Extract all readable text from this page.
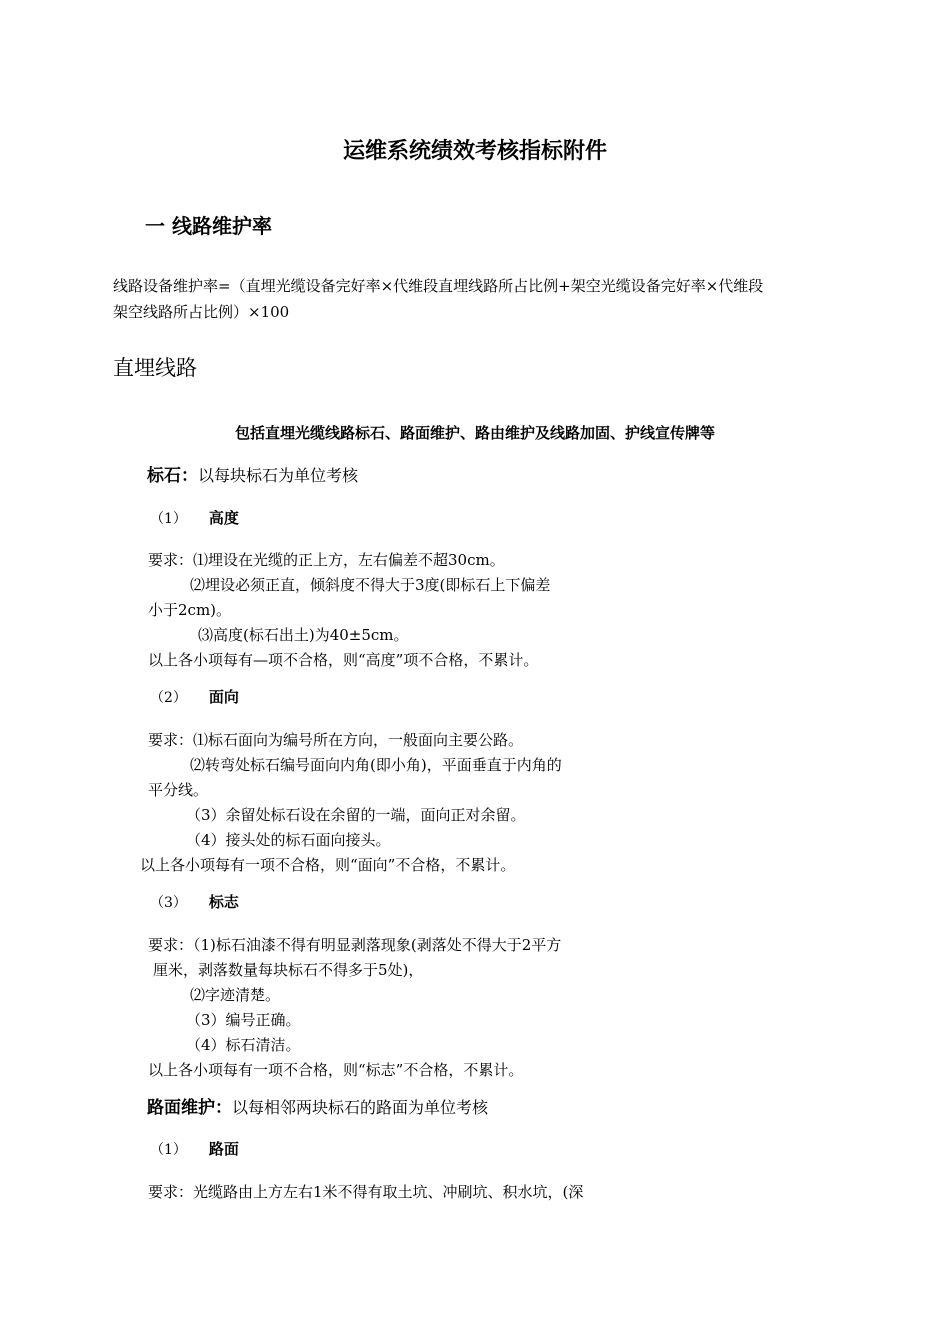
运维系统绩效考核指标附件
一 线路维护率
线路设备维护率=（直埋光缆设备完好率×代维段直埋线路所占比例+架空光缆设备完好率×代维段
架空线路所占比例）×100
直埋线路
包括直埋光缆线路标石、路面维护、路由维护及线路加固、护线宣传牌等
标石：以每块标石为单位考核
（1） 高度
要求：⑴埋设在光缆的正上方，左右偏差不超30cm。
⑵埋设必须正直，倾斜度不得大于3度(即标石上下偏差
小于2cm)。
⑶高度(标石出土)为40±5cm。
以上各小项每有—项不合格，则“高度”项不合格，不累计。
（2） 面向
要求：⑴标石面向为编号所在方向，一般面向主要公路。
⑵转弯处标石编号面向内角(即小角)，平面垂直于内角的
平分线。
（3）余留处标石设在余留的一端，面向正对余留。
（4）接头处的标石面向接头。
以上各小项每有一项不合格，则“面向”不合格，不累计。
（3） 标志
要求：（1)标石油漆不得有明显剥落现象(剥落处不得大于2平方
厘米，剥落数量每块标石不得多于5处)，
⑵字迹清楚。
（3）编号正确。
（4）标石清洁。
以上各小项每有一项不合格，则“标志”不合格，不累计。
路面维护：以每相邻两块标石的路面为单位考核
（1） 路面
要求：光缆路由上方左右1米不得有取土坑、冲刷坑、积水坑，(深
